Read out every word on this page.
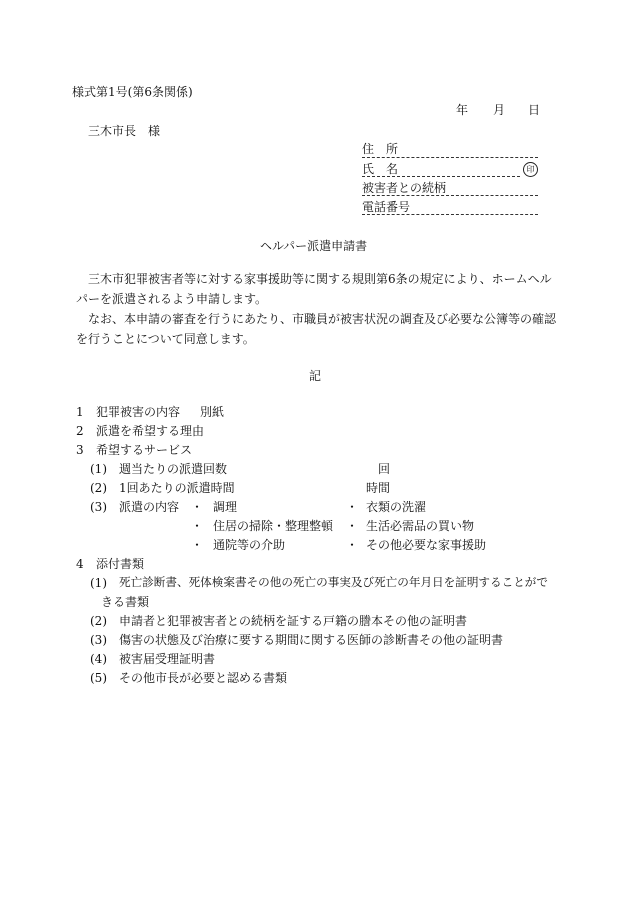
様式第1号(第6条関係)
年 月 日
三木市長　様
住　所
氏　名	印
被害者との続柄
電話番号
ヘルパー派遣申請書
三木市犯罪被害者等に対する家事援助等に関する規則第6条の規定により、ホームヘル
パーを派遣されるよう申請します。
なお、本申請の審査を行うにあたり、市職員が被害状況の調査及び必要な公簿等の確認
を行うことについて同意します。
記
1 犯罪被害の内容 別紙
2 派遣を希望する理由
3 希望するサービス
(1) 週当たりの派遣回数	回
(2) 1回あたりの派遣時間	時間
(3) 派遣の内容 ・ 調理	・ 衣類の洗濯
・ 住居の掃除・整理整頓 ・ 生活必需品の買い物
・ 通院等の介助	・ その他必要な家事援助
4 添付書類
(1) 死亡診断書、死体検案書その他の死亡の事実及び死亡の年月日を証明することがで
きる書類
(2) 申請者と犯罪被害者との続柄を証する戸籍の謄本その他の証明書
(3) 傷害の状態及び治療に要する期間に関する医師の診断書その他の証明書
(4) 被害届受理証明書
(5) その他市長が必要と認める書類
